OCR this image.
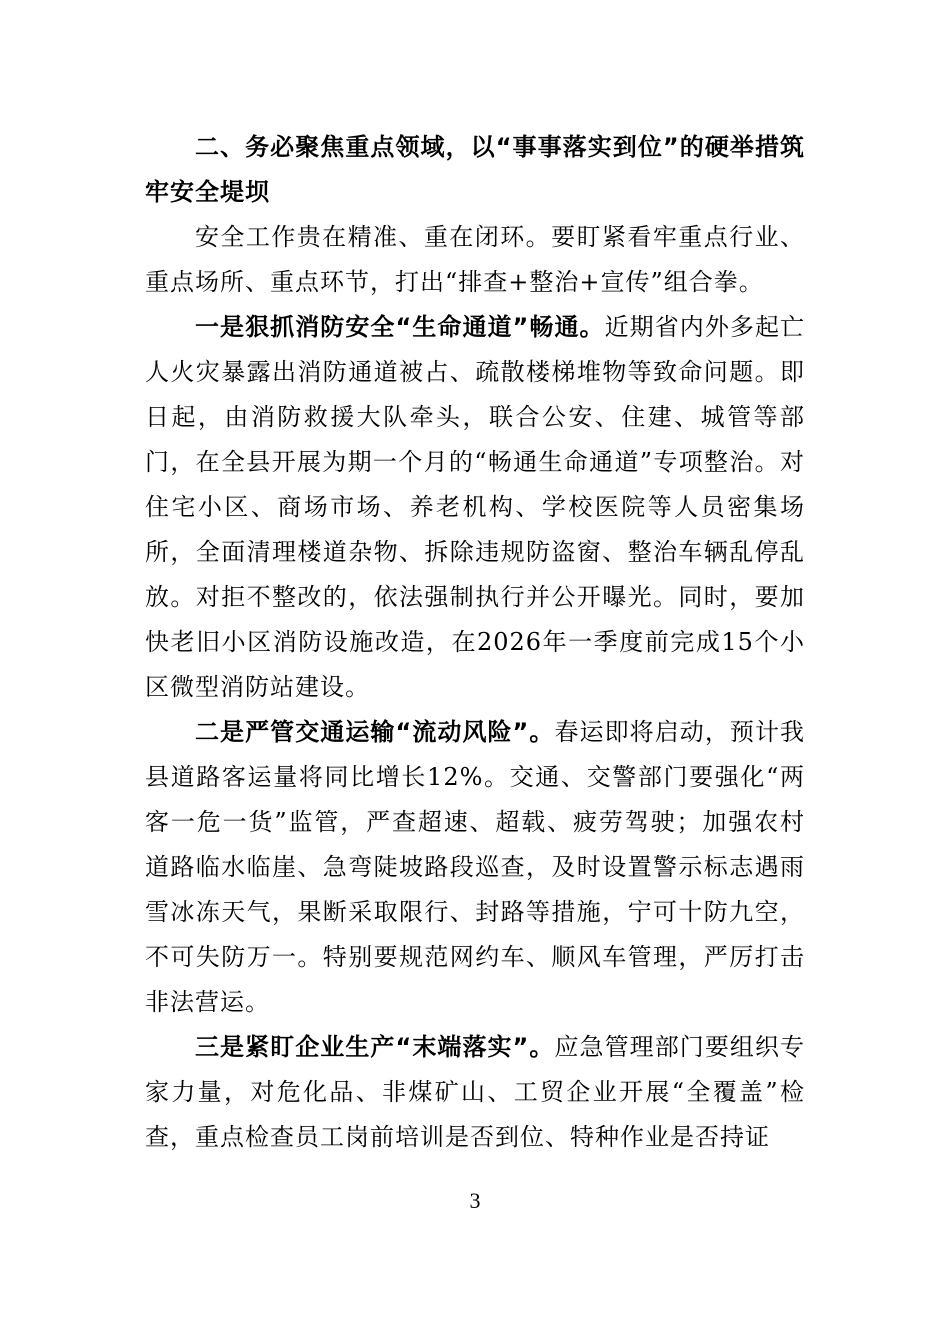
二、务必聚焦重点领域，以“事事落实到位”的硬举措筑牢安全堤坝

安全工作贵在精准、重在闭环。要盯紧看牢重点行业、重点场所、重点环节，打出“排查+整治+宣传”组合拳。

一是狠抓消防安全“生命通道”畅通。近期省内外多起亡人火灾暴露出消防通道被占、疏散楼梯堆物等致命问题。即日起，由消防救援大队牵头，联合公安、住建、城管等部门，在全县开展为期一个月的“畅通生命通道”专项整治。对住宅小区、商场市场、养老机构、学校医院等人员密集场所，全面清理楼道杂物、拆除违规防盗窗、整治车辆乱停乱放。对拒不整改的，依法强制执行并公开曝光。同时，要加快老旧小区消防设施改造，在2026年一季度前完成15个小区微型消防站建设。

二是严管交通运输“流动风险”。春运即将启动，预计我县道路客运量将同比增长12%。交通、交警部门要强化“两客一危一货”监管，严查超速、超载、疲劳驾驶；加强农村道路临水临崖、急弯陡坡路段巡查，及时设置警示标志遇雨雪冰冻天气，果断采取限行、封路等措施，宁可十防九空，不可失防万一。特别要规范网约车、顺风车管理，严厉打击非法营运。

三是紧盯企业生产“末端落实”。应急管理部门要组织专家力量，对危化品、非煤矿山、工贸企业开展“全覆盖”检查，重点检查员工岗前培训是否到位、特种作业是否持证

3
